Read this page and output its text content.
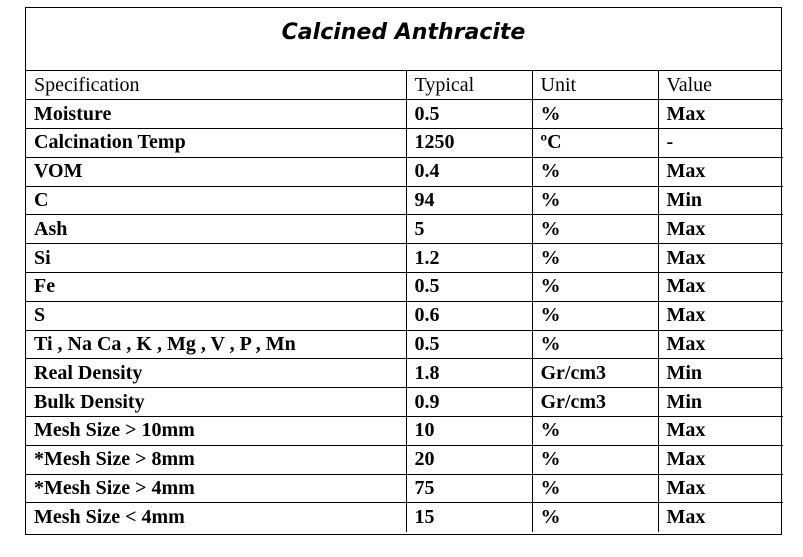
Calcined Anthracite
Specification	Typical	Unit	Value
Moisture	0.5	%	Max
Calcination Temp	1250	ºC	-
VOM	0.4	%	Max
C	94	%	Min
Ash	5	%	Max
Si	1.2	%	Max
Fe	0.5	%	Max
S	0.6	%	Max
Ti , Na Ca , K , Mg , V , P , Mn	0.5	%	Max
Real Density	1.8	Gr/cm3	Min
Bulk Density	0.9	Gr/cm3	Min
Mesh Size > 10mm	10	%	Max
*Mesh Size > 8mm	20	%	Max
*Mesh Size > 4mm	75	%	Max
Mesh Size < 4mm	15	%	Max
